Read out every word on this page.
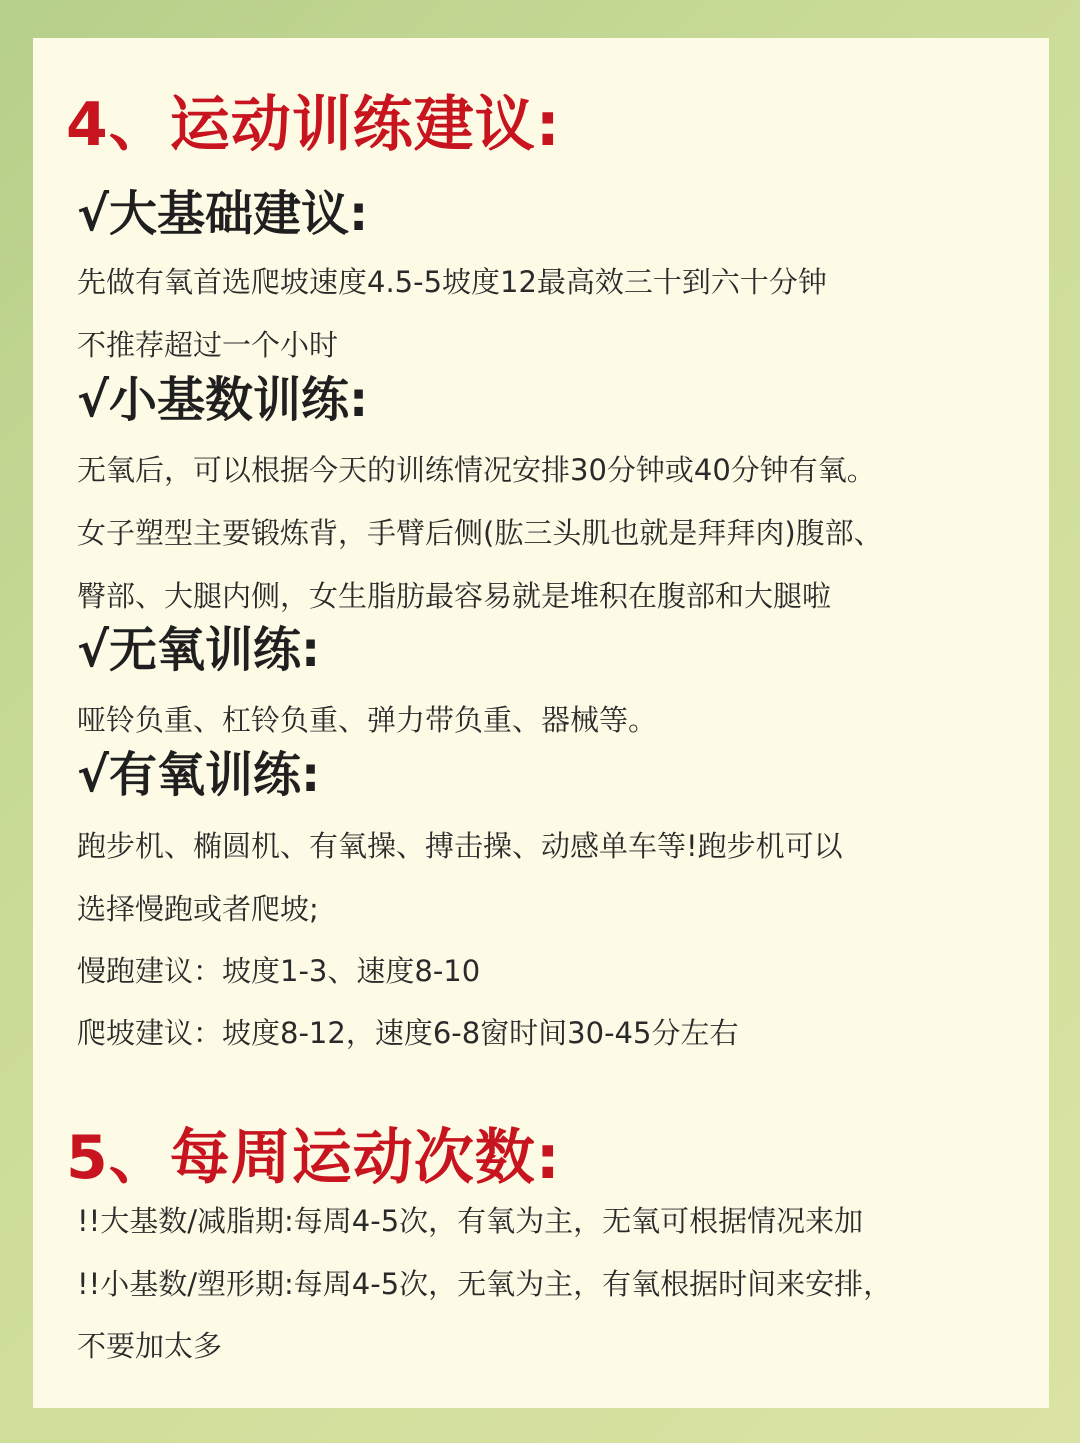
4、运动训练建议:
√大基础建议:

先做有氧首选爬坡速度4.5-5坡度12最高效三十到六十分钟

不推荐超过一个小时

√小基数训练:

无氧后，可以根据今天的训练情况安排30分钟或40分钟有氧。

女子塑型主要锻炼背，手臂后侧(肱三头肌也就是拜拜肉)腹部、

臀部、大腿内侧，女生脂肪最容易就是堆积在腹部和大腿啦

√无氧训练:

哑铃负重、杠铃负重、弹力带负重、器械等。

√有氧训练:

跑步机、椭圆机、有氧操、搏击操、动感单车等!跑步机可以

选择慢跑或者爬坡;

慢跑建议：坡度1-3、速度8-10

爬坡建议：坡度8-12，速度6-8窗时间30-45分左右

5、每周运动次数:

!!大基数/减脂期:每周4-5次，有氧为主，无氧可根据情况来加

!!小基数/塑形期:每周4-5次，无氧为主，有氧根据时间来安排，

不要加太多
